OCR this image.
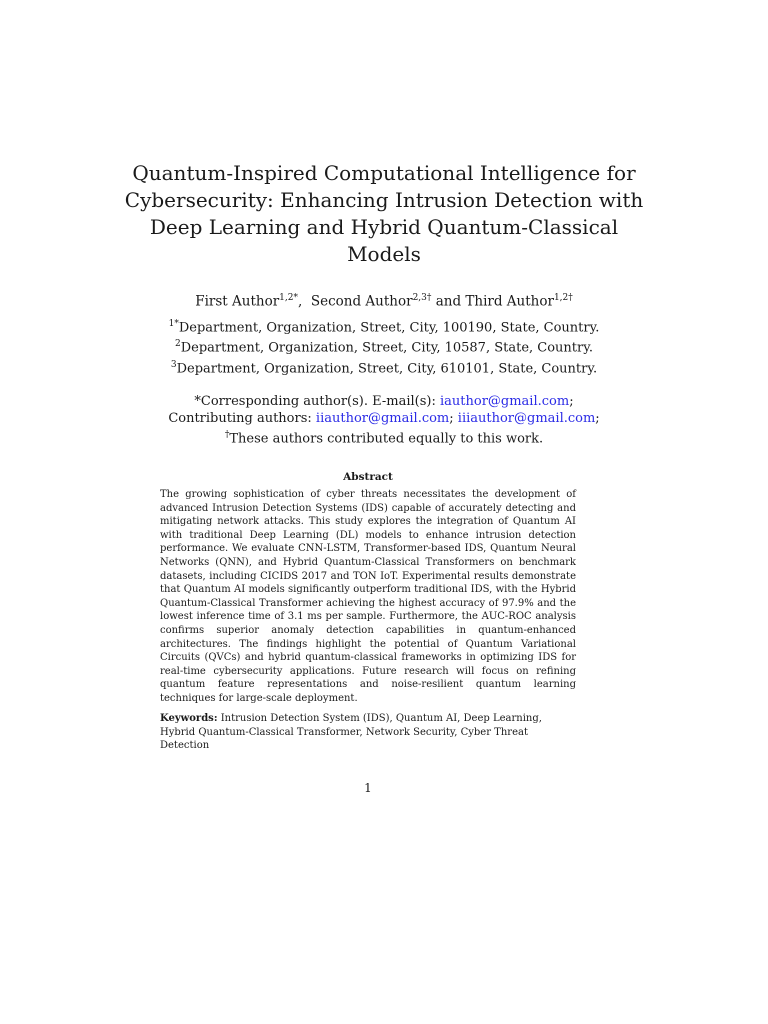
Quantum-Inspired Computational Intelligence for Cybersecurity: Enhancing Intrusion Detection with Deep Learning and Hybrid Quantum-Classical Models
First Author$^{1,2*}$,  Second Author$^{2,3\dagger}$ and Third Author$^{1,2\dagger}$
$^{1*}$Department, Organization, Street, City, 100190, State, Country.
$^2$Department, Organization, Street, City, 10587, State, Country.
$^3$Department, Organization, Street, City, 610101, State, Country.
*Corresponding author(s). E-mail(s): iauthor@gmail.com;
Contributing authors: iiauthor@gmail.com; iiiauthor@gmail.com;
†These authors contributed equally to this work.
Abstract

The growing sophistication of cyber threats necessitates the development of advanced Intrusion Detection Systems (IDS) capable of accurately detecting and mitigating network attacks. This study explores the integration of Quantum AI with traditional Deep Learning (DL) models to enhance intrusion detection performance. We evaluate CNN-LSTM, Transformer-based IDS, Quantum Neural Networks (QNN), and Hybrid Quantum-Classical Transformers on benchmark datasets, including CICIDS 2017 and TON IoT. Experimental results demonstrate that Quantum AI models significantly outperform traditional IDS, with the Hybrid Quantum-Classical Transformer achieving the highest accuracy of 97.9% and the lowest inference time of 3.1 ms per sample. Furthermore, the AUC-ROC analysis confirms superior anomaly detection capabilities in quantum-enhanced architectures. The findings highlight the potential of Quantum Variational Circuits (QVCs) and hybrid quantum-classical frameworks in optimizing IDS for real-time cybersecurity applications. Future research will focus on refining quantum feature representations and noise-resilient quantum learning techniques for large-scale deployment.

Keywords: Intrusion Detection System (IDS), Quantum AI, Deep Learning, Hybrid Quantum-Classical Transformer, Network Security, Cyber Threat Detection
1
